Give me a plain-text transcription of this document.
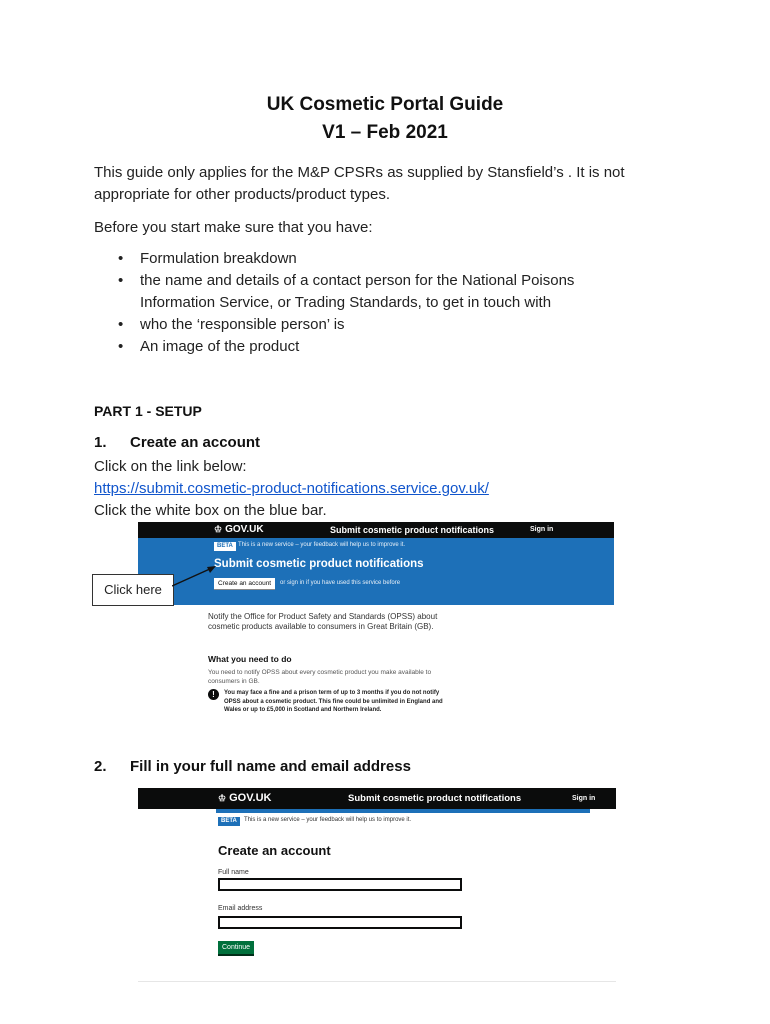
UK Cosmetic Portal Guide
V1 – Feb 2021
This guide only applies for the M&P CPSRs as supplied by Stansfield’s . It is not appropriate for other products/product types.
Before you start make sure that you have:
• Formulation breakdown
• the name and details of a contact person for the National Poisons Information Service, or Trading Standards, to get in touch with
• who the ‘responsible person’ is
• An image of the product
PART 1 - SETUP
1. Create an account
Click on the link below:
https://submit.cosmetic-product-notifications.service.gov.uk/
Click the white box on the blue bar.
♔ GOV.UK	Submit cosmetic product notifications	Sign in
BETA This is a new service – your feedback will help us to improve it.
Submit cosmetic product notifications
Create an account	or sign in if you have used this service before
Notify the Office for Product Safety and Standards (OPSS) about cosmetic products available to consumers in Great Britain (GB).
What you need to do
You need to notify OPSS about every cosmetic product you make available to consumers in GB.
!	You may face a fine and a prison term of up to 3 months if you do not notify OPSS about a cosmetic product. This fine could be unlimited in England and Wales or up to £5,000 in Scotland and Northern Ireland.
Click here
2. Fill in your full name and email address
♔ GOV.UK	Submit cosmetic product notifications	Sign in
BETA	This is a new service – your feedback will help us to improve it.
Create an account
Full name
Email address
Continue
